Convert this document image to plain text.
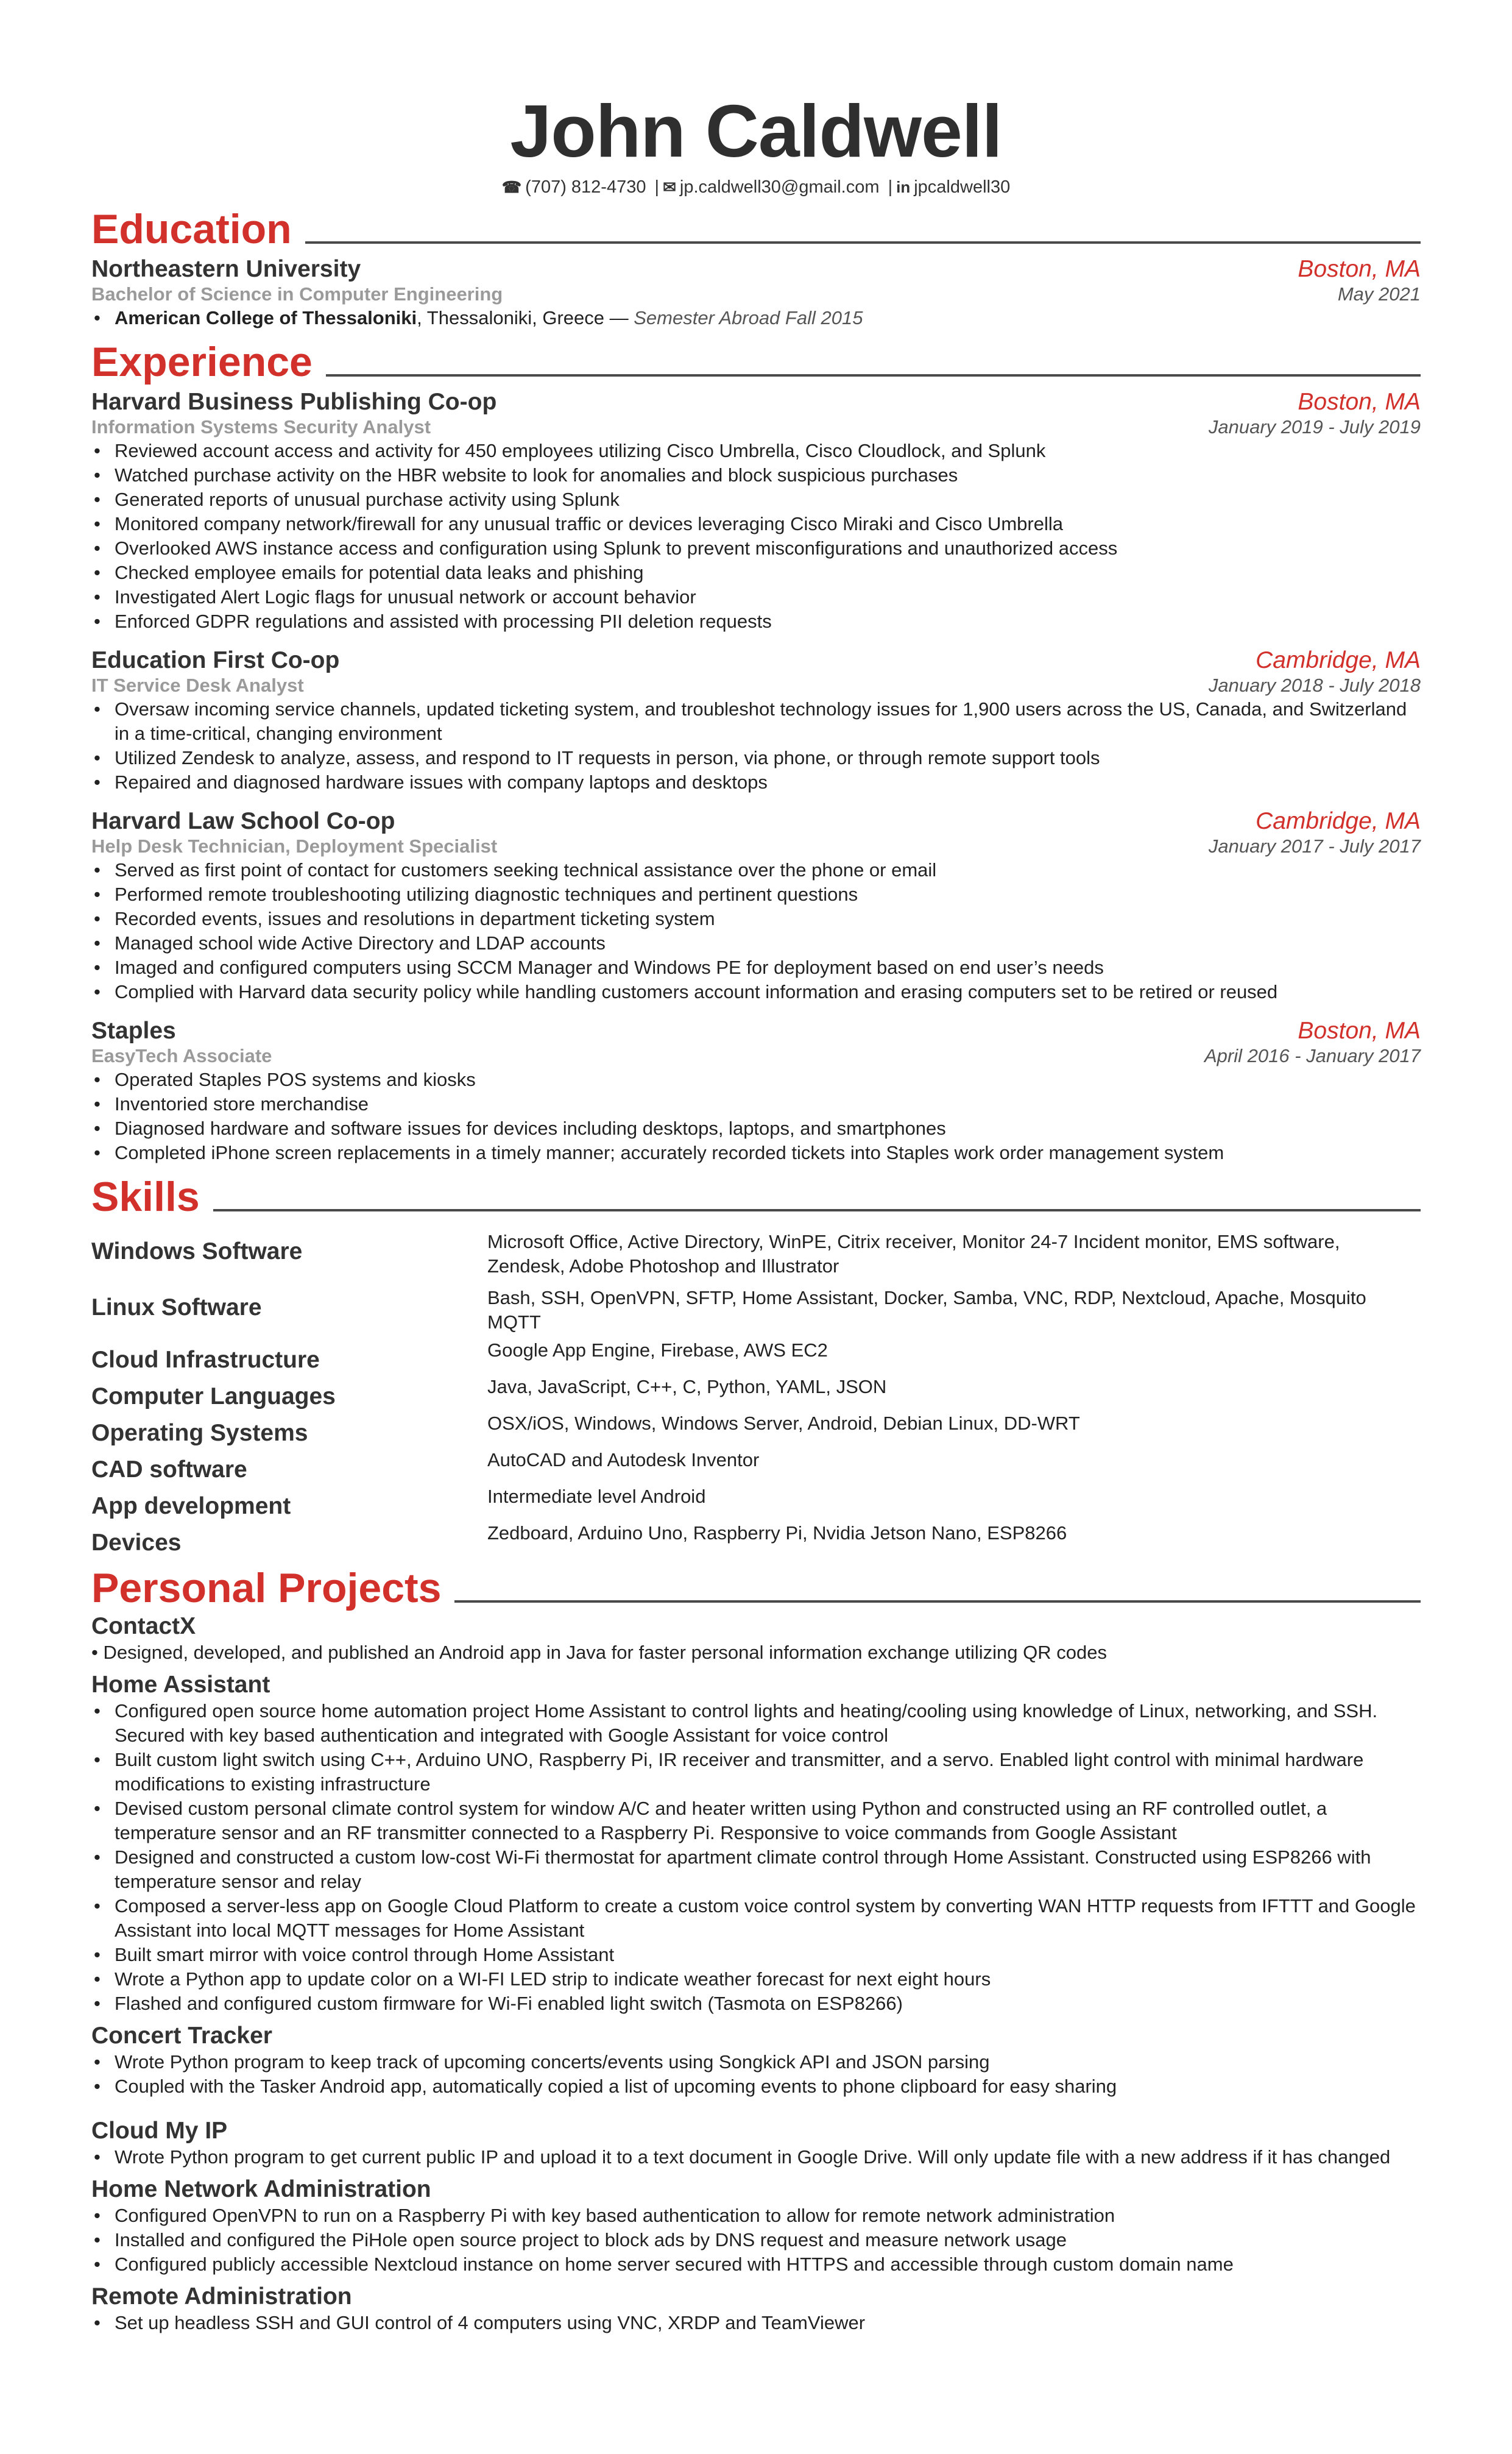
John Caldwell
☎ (707) 812-4730 | ✉ jp.caldwell30@gmail.com | in jpcaldwell30
Education
Northeastern University	Boston, MA
Bachelor of Science in Computer Engineering	May 2021
• American College of Thessaloniki, Thessaloniki, Greece — Semester Abroad Fall 2015
Experience
Harvard Business Publishing Co-op	Boston, MA
Information Systems Security Analyst	January 2019 - July 2019
• Reviewed account access and activity for 450 employees utilizing Cisco Umbrella, Cisco Cloudlock, and Splunk
• Watched purchase activity on the HBR website to look for anomalies and block suspicious purchases
• Generated reports of unusual purchase activity using Splunk
• Monitored company network/firewall for any unusual traffic or devices leveraging Cisco Miraki and Cisco Umbrella
• Overlooked AWS instance access and configuration using Splunk to prevent misconfigurations and unauthorized access
• Checked employee emails for potential data leaks and phishing
• Investigated Alert Logic flags for unusual network or account behavior
• Enforced GDPR regulations and assisted with processing PII deletion requests
Education First Co-op	Cambridge, MA
IT Service Desk Analyst	January 2018 - July 2018
• Oversaw incoming service channels, updated ticketing system, and troubleshot technology issues for 1,900 users across the US, Canada, and Switzerland in a time-critical, changing environment
• Utilized Zendesk to analyze, assess, and respond to IT requests in person, via phone, or through remote support tools
• Repaired and diagnosed hardware issues with company laptops and desktops
Harvard Law School Co-op	Cambridge, MA
Help Desk Technician, Deployment Specialist	January 2017 - July 2017
• Served as first point of contact for customers seeking technical assistance over the phone or email
• Performed remote troubleshooting utilizing diagnostic techniques and pertinent questions
• Recorded events, issues and resolutions in department ticketing system
• Managed school wide Active Directory and LDAP accounts
• Imaged and configured computers using SCCM Manager and Windows PE for deployment based on end user’s needs
• Complied with Harvard data security policy while handling customers account information and erasing computers set to be retired or reused
Staples	Boston, MA
EasyTech Associate	April 2016 - January 2017
• Operated Staples POS systems and kiosks
• Inventoried store merchandise
• Diagnosed hardware and software issues for devices including desktops, laptops, and smartphones
• Completed iPhone screen replacements in a timely manner; accurately recorded tickets into Staples work order management system
Skills
Windows Software	Microsoft Office, Active Directory, WinPE, Citrix receiver, Monitor 24-7 Incident monitor, EMS software, Zendesk, Adobe Photoshop and Illustrator
Linux Software	Bash, SSH, OpenVPN, SFTP, Home Assistant, Docker, Samba, VNC, RDP, Nextcloud, Apache, Mosquito MQTT
Cloud Infrastructure	Google App Engine, Firebase, AWS EC2
Computer Languages	Java, JavaScript, C++, C, Python, YAML, JSON
Operating Systems	OSX/iOS, Windows, Windows Server, Android, Debian Linux, DD-WRT
CAD software	AutoCAD and Autodesk Inventor
App development	Intermediate level Android
Devices	Zedboard, Arduino Uno, Raspberry Pi, Nvidia Jetson Nano, ESP8266
Personal Projects
ContactX
• Designed, developed, and published an Android app in Java for faster personal information exchange utilizing QR codes
Home Assistant
• Configured open source home automation project Home Assistant to control lights and heating/cooling using knowledge of Linux, networking, and SSH. Secured with key based authentication and integrated with Google Assistant for voice control
• Built custom light switch using C++, Arduino UNO, Raspberry Pi, IR receiver and transmitter, and a servo. Enabled light control with minimal hardware modifications to existing infrastructure
• Devised custom personal climate control system for window A/C and heater written using Python and constructed using an RF controlled outlet, a temperature sensor and an RF transmitter connected to a Raspberry Pi. Responsive to voice commands from Google Assistant
• Designed and constructed a custom low-cost Wi-Fi thermostat for apartment climate control through Home Assistant. Constructed using ESP8266 with temperature sensor and relay
• Composed a server-less app on Google Cloud Platform to create a custom voice control system by converting WAN HTTP requests from IFTTT and Google Assistant into local MQTT messages for Home Assistant
• Built smart mirror with voice control through Home Assistant
• Wrote a Python app to update color on a WI-FI LED strip to indicate weather forecast for next eight hours
• Flashed and configured custom firmware for Wi-Fi enabled light switch (Tasmota on ESP8266)
Concert Tracker
• Wrote Python program to keep track of upcoming concerts/events using Songkick API and JSON parsing
• Coupled with the Tasker Android app, automatically copied a list of upcoming events to phone clipboard for easy sharing
Cloud My IP
• Wrote Python program to get current public IP and upload it to a text document in Google Drive. Will only update file with a new address if it has changed
Home Network Administration
• Configured OpenVPN to run on a Raspberry Pi with key based authentication to allow for remote network administration
• Installed and configured the PiHole open source project to block ads by DNS request and measure network usage
• Configured publicly accessible Nextcloud instance on home server secured with HTTPS and accessible through custom domain name
Remote Administration
• Set up headless SSH and GUI control of 4 computers using VNC, XRDP and TeamViewer
